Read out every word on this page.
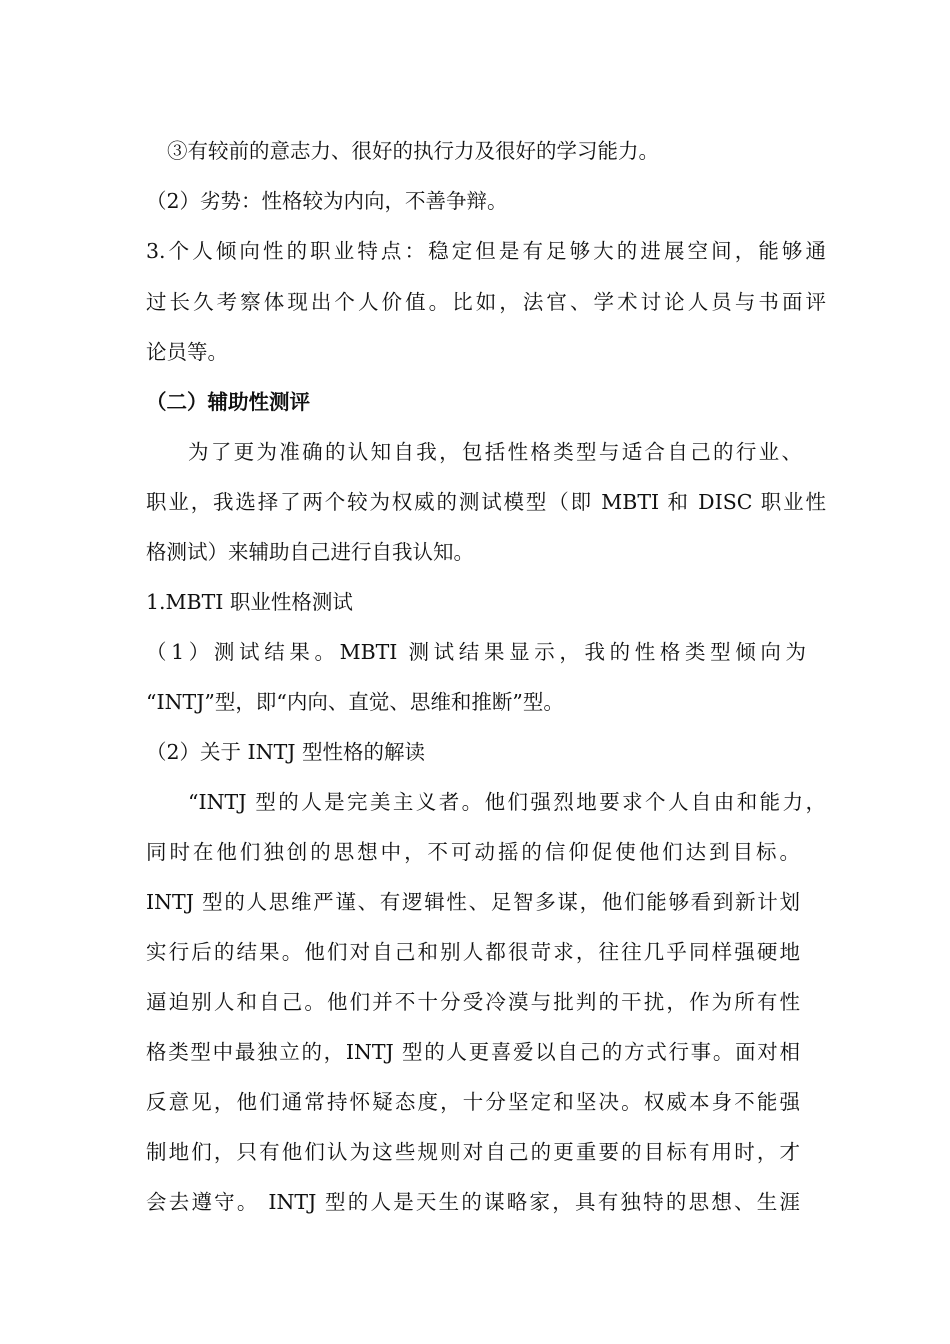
③有较前的意志力、很好的执行力及很好的学习能力。
（2）劣势：性格较为内向，不善争辩。
3.个人倾向性的职业特点：稳定但是有足够大的进展空间，能够通
过长久考察体现出个人价值。比如，法官、学术讨论人员与书面评
论员等。
（二）辅助性测评
为了更为准确的认知自我，包括性格类型与适合自己的行业、
职业，我选择了两个较为权威的测试模型（即 MBTI 和 DISC 职业性
格测试）来辅助自己进行自我认知。
1.MBTI 职业性格测试
（1）测试结果。MBTI 测试结果显示，我的性格类型倾向为
“INTJ”型，即“内向、直觉、思维和推断”型。
（2）关于 INTJ 型性格的解读
“INTJ 型的人是完美主义者。他们强烈地要求个人自由和能力，
同时在他们独创的思想中，不可动摇的信仰促使他们达到目标。
INTJ 型的人思维严谨、有逻辑性、足智多谋，他们能够看到新计划
实行后的结果。他们对自己和别人都很苛求，往往几乎同样强硬地
逼迫别人和自己。他们并不十分受冷漠与批判的干扰，作为所有性
格类型中最独立的，INTJ 型的人更喜爱以自己的方式行事。面对相
反意见，他们通常持怀疑态度，十分坚定和坚决。权威本身不能强
制地们，只有他们认为这些规则对自己的更重要的目标有用时，才
会去遵守。 INTJ 型的人是天生的谋略家，具有独特的思想、生涯
